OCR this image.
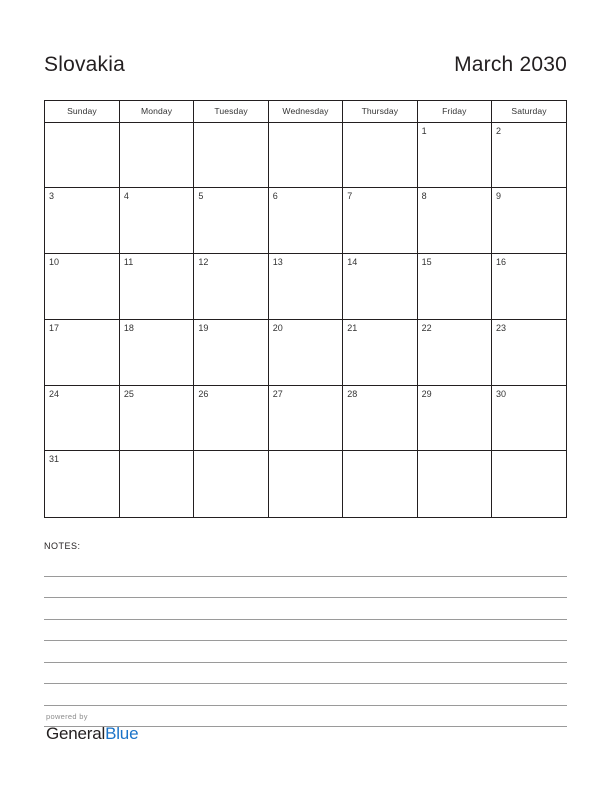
Slovakia	March 2030
Sunday	Monday	Tuesday	Wednesday	Thursday	Friday	Saturday

					1	2

3	4	5	6	7	8	9

10	11	12	13	14	15	16

17	18	19	20	21	22	23

24	25	26	27	28	29	30

31						

NOTES:
powered by
GeneralBlue
